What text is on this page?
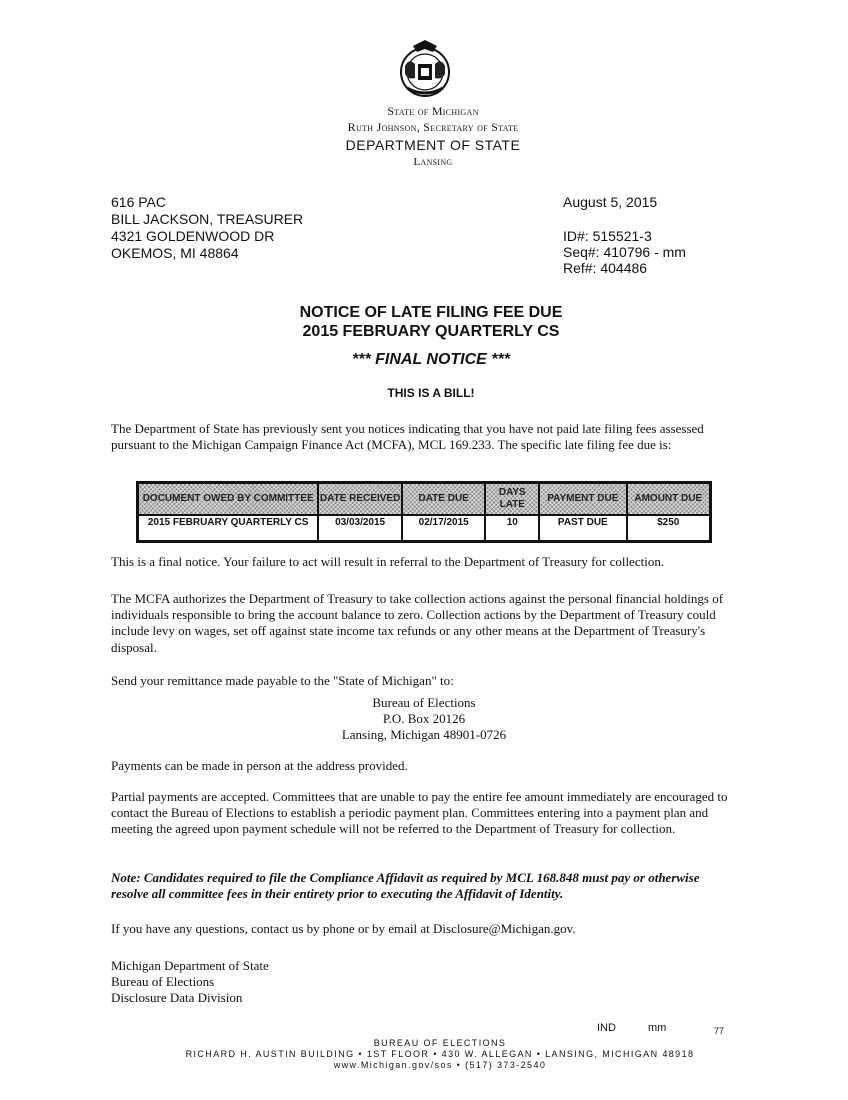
State of Michigan
Ruth Johnson, Secretary of State
DEPARTMENT OF STATE
Lansing
616 PAC
BILL JACKSON, TREASURER
4321 GOLDENWOOD DR
OKEMOS, MI 48864
August 5, 2015
ID#: 515521-3
Seq#: 410796 - mm
Ref#: 404486
NOTICE OF LATE FILING FEE DUE
2015 FEBRUARY QUARTERLY CS
*** FINAL NOTICE ***
THIS IS A BILL!
The Department of State has previously sent you notices indicating that you have not paid late filing fees assessed pursuant to the Michigan Campaign Finance Act (MCFA), MCL 169.233. The specific late filing fee due is:
DOCUMENT OWED BY COMMITTEE	DATE RECEIVED	DATE DUE	DAYS LATE	PAYMENT DUE	AMOUNT DUE
2015 FEBRUARY QUARTERLY CS	03/03/2015	02/17/2015	10	PAST DUE	$250
This is a final notice. Your failure to act will result in referral to the Department of Treasury for collection.
The MCFA authorizes the Department of Treasury to take collection actions against the personal financial holdings of individuals responsible to bring the account balance to zero. Collection actions by the Department of Treasury could include levy on wages, set off against state income tax refunds or any other means at the Department of Treasury's disposal.
Send your remittance made payable to the "State of Michigan" to:
Bureau of Elections
P.O. Box 20126
Lansing, Michigan 48901-0726
Payments can be made in person at the address provided.
Partial payments are accepted. Committees that are unable to pay the entire fee amount immediately are encouraged to contact the Bureau of Elections to establish a periodic payment plan. Committees entering into a payment plan and meeting the agreed upon payment schedule will not be referred to the Department of Treasury for collection.
Note: Candidates required to file the Compliance Affidavit as required by MCL 168.848 must pay or otherwise resolve all committee fees in their entirety prior to executing the Affidavit of Identity.
If you have any questions, contact us by phone or by email at Disclosure@Michigan.gov.
Michigan Department of State
Bureau of Elections
Disclosure Data Division
IND	mm	77
BUREAU OF ELECTIONS
RICHARD H. AUSTIN BUILDING • 1ST FLOOR • 430 W. ALLEGAN • LANSING, MICHIGAN 48918
www.Michigan.gov/sos • (517) 373-2540
